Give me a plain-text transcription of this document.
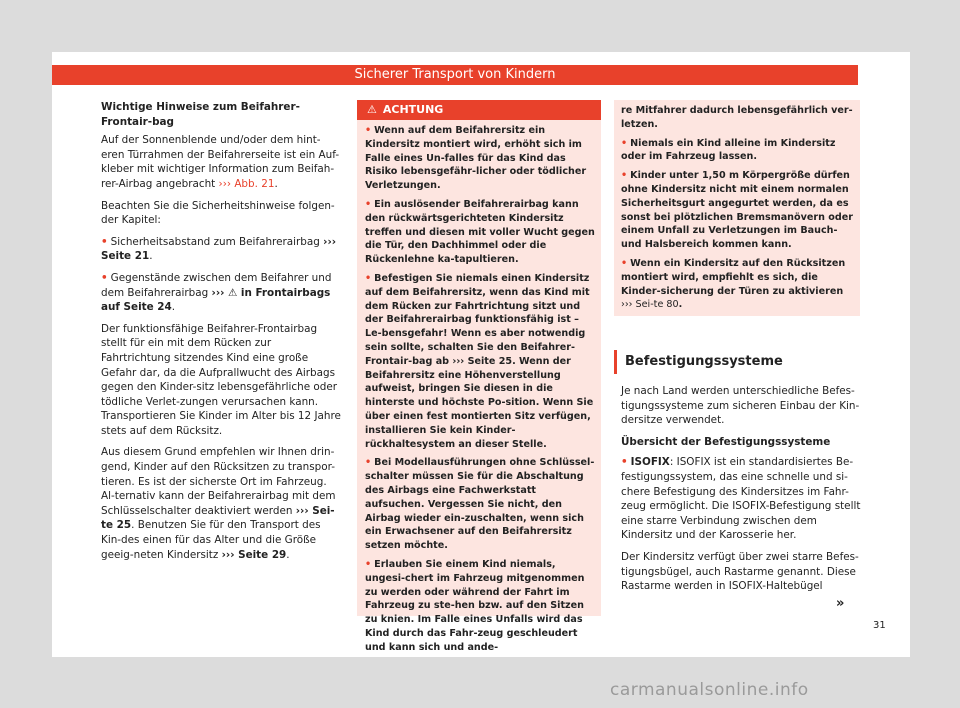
Sicherer Transport von Kindern

Wichtige Hinweise zum Beifahrer-Frontair-bag

Auf der Sonnenblende und/oder dem hint-eren Türrahmen der Beifahrerseite ist ein Auf-kleber mit wichtiger Information zum Beifah-rer-Airbag angebracht ››› Abb. 21.

Beachten Sie die Sicherheitshinweise folgen-der Kapitel:

• Sicherheitsabstand zum Beifahrerairbag ››› Seite 21.

• Gegenstände zwischen dem Beifahrer und dem Beifahrerairbag ››› ⚠ in Frontairbags auf Seite 24.

Der funktionsfähige Beifahrer-Frontairbag stellt für ein mit dem Rücken zur Fahrtrichtung sitzendes Kind eine große Gefahr dar, da die Aufprallwucht des Airbags gegen den Kinder-sitz lebensgefährliche oder tödliche Verlet-zungen verursachen kann. Transportieren Sie Kinder im Alter bis 12 Jahre stets auf dem Rücksitz.

Aus diesem Grund empfehlen wir Ihnen drin-gend, Kinder auf den Rücksitzen zu transpor-tieren. Es ist der sicherste Ort im Fahrzeug. Al-ternativ kann der Beifahrerairbag mit dem Schlüsselschalter deaktiviert werden ››› Sei-te 25. Benutzen Sie für den Transport des Kin-des einen für das Alter und die Größe geeig-neten Kindersitz ››› Seite 29.

⚠ ACHTUNG
• Wenn auf dem Beifahrersitz ein Kindersitz montiert wird, erhöht sich im Falle eines Un-falles für das Kind das Risiko lebensgefähr-licher oder tödlicher Verletzungen.
• Ein auslösender Beifahrerairbag kann den rückwärtsgerichteten Kindersitz treffen und diesen mit voller Wucht gegen die Tür, den Dachhimmel oder die Rückenlehne ka-tapultieren.
• Befestigen Sie niemals einen Kindersitz auf dem Beifahrersitz, wenn das Kind mit dem Rücken zur Fahrtrichtung sitzt und der Beifahrerairbag funktionsfähig ist – Le-bensgefahr! Wenn es aber notwendig sein sollte, schalten Sie den Beifahrer-Frontair-bag ab ››› Seite 25. Wenn der Beifahrersitz eine Höhenverstellung aufweist, bringen Sie diesen in die hinterste und höchste Po-sition. Wenn Sie über einen fest montierten Sitz verfügen, installieren Sie kein Kinder-rückhaltesystem an dieser Stelle.
• Bei Modellausführungen ohne Schlüssel-schalter müssen Sie für die Abschaltung des Airbags eine Fachwerkstatt aufsuchen. Vergessen Sie nicht, den Airbag wieder ein-zuschalten, wenn sich ein Erwachsener auf den Beifahrersitz setzen möchte.
• Erlauben Sie einem Kind niemals, ungesi-chert im Fahrzeug mitgenommen zu werden oder während der Fahrt im Fahrzeug zu ste-hen bzw. auf den Sitzen zu knien. Im Falle eines Unfalls wird das Kind durch das Fahr-zeug geschleudert und kann sich und ande-
re Mitfahrer dadurch lebensgefährlich ver-letzen.
• Niemals ein Kind alleine im Kindersitz oder im Fahrzeug lassen.
• Kinder unter 1,50 m Körpergröße dürfen ohne Kindersitz nicht mit einem normalen Sicherheitsgurt angegurtet werden, da es sonst bei plötzlichen Bremsmanövern oder einem Unfall zu Verletzungen im Bauch- und Halsbereich kommen kann.
• Wenn ein Kindersitz auf den Rücksitzen montiert wird, empfiehlt es sich, die Kinder-sicherung der Türen zu aktivieren ››› Sei-te 80.
Befestigungssysteme

Je nach Land werden unterschiedliche Befes-tigungssysteme zum sicheren Einbau der Kin-dersitze verwendet.

Übersicht der Befestigungssysteme

• ISOFIX: ISOFIX ist ein standardisiertes Be-festigungssystem, das eine schnelle und si-chere Befestigung des Kindersitzes im Fahr-zeug ermöglicht. Die ISOFIX-Befestigung stellt eine starre Verbindung zwischen dem Kindersitz und der Karosserie her.

Der Kindersitz verfügt über zwei starre Befes-tigungsbügel, auch Rastarme genannt. Diese Rastarme werden in ISOFIX-Haltebügel

»
31
carmanualsonline.info
